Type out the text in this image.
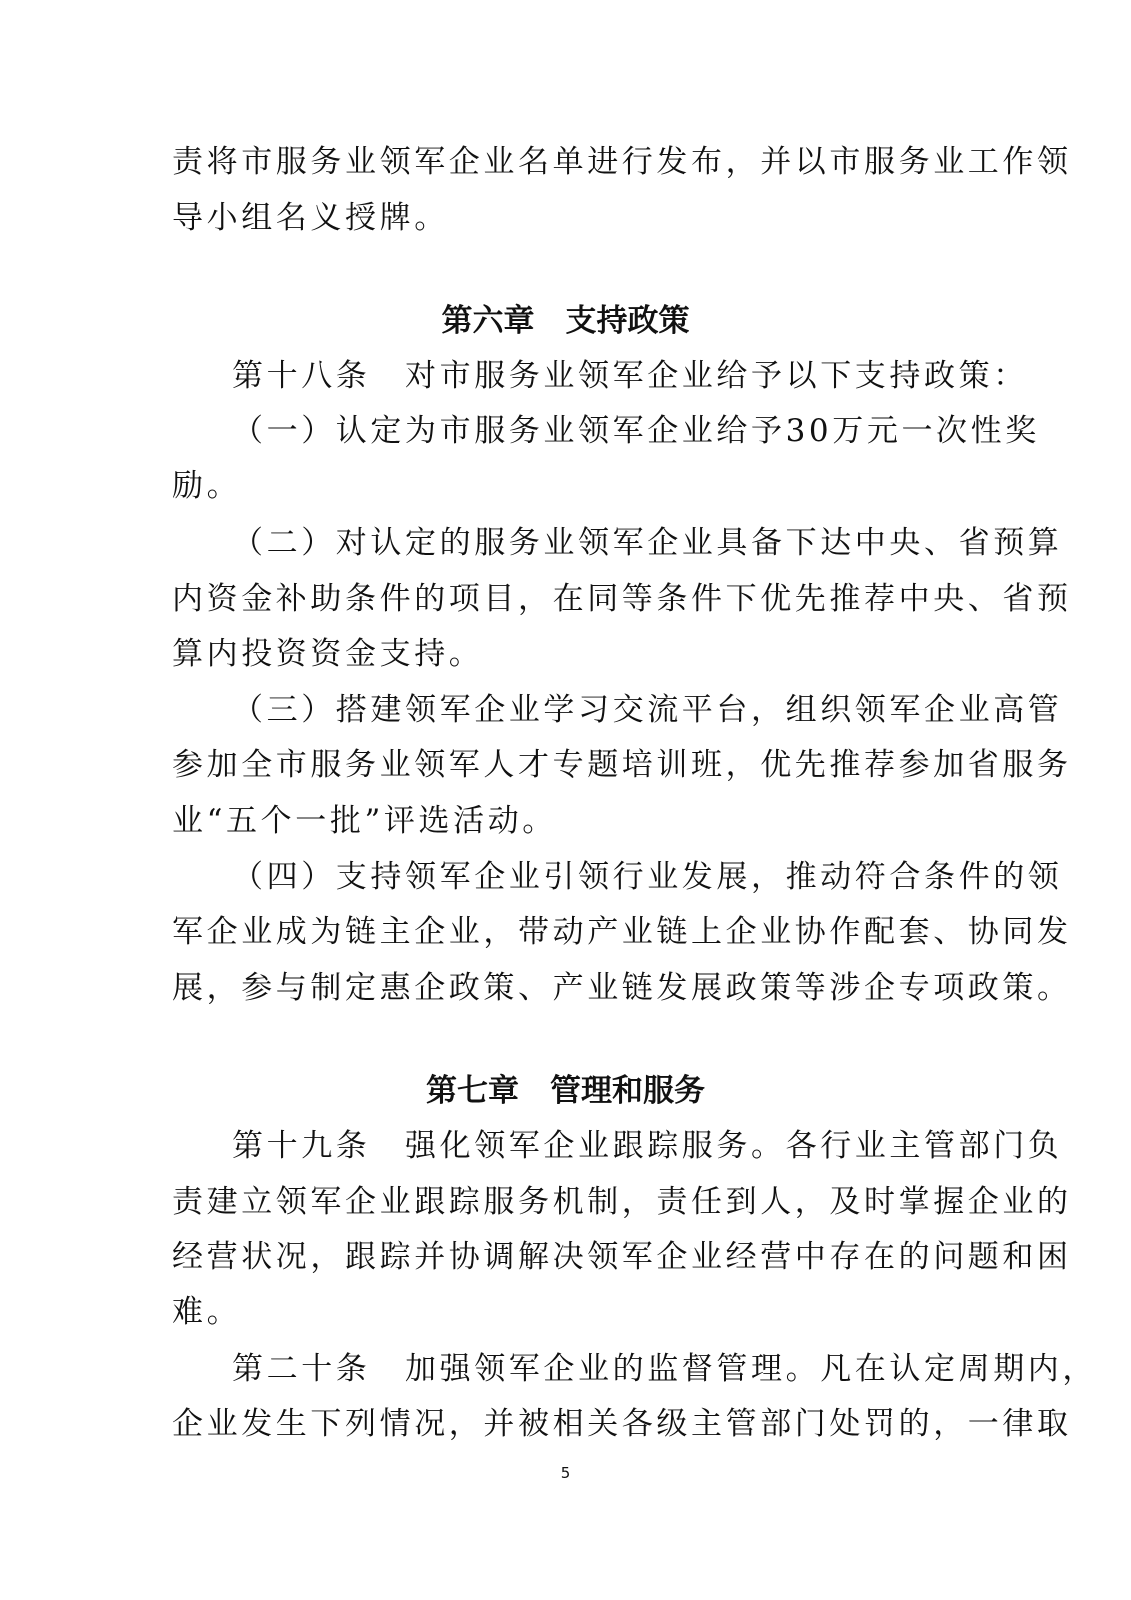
责将市服务业领军企业名单进行发布，并以市服务业工作领
导小组名义授牌。
第六章　支持政策
第十八条　对市服务业领军企业给予以下支持政策：
（一）认定为市服务业领军企业给予30万元一次性奖
励。
（二）对认定的服务业领军企业具备下达中央、省预算
内资金补助条件的项目，在同等条件下优先推荐中央、省预
算内投资资金支持。
（三）搭建领军企业学习交流平台，组织领军企业高管
参加全市服务业领军人才专题培训班，优先推荐参加省服务
业“五个一批”评选活动。
（四）支持领军企业引领行业发展，推动符合条件的领
军企业成为链主企业，带动产业链上企业协作配套、协同发
展，参与制定惠企政策、产业链发展政策等涉企专项政策。
第七章　管理和服务
第十九条　强化领军企业跟踪服务。各行业主管部门负
责建立领军企业跟踪服务机制，责任到人，及时掌握企业的
经营状况，跟踪并协调解决领军企业经营中存在的问题和困
难。
第二十条　加强领军企业的监督管理。凡在认定周期内，
企业发生下列情况，并被相关各级主管部门处罚的，一律取
5
